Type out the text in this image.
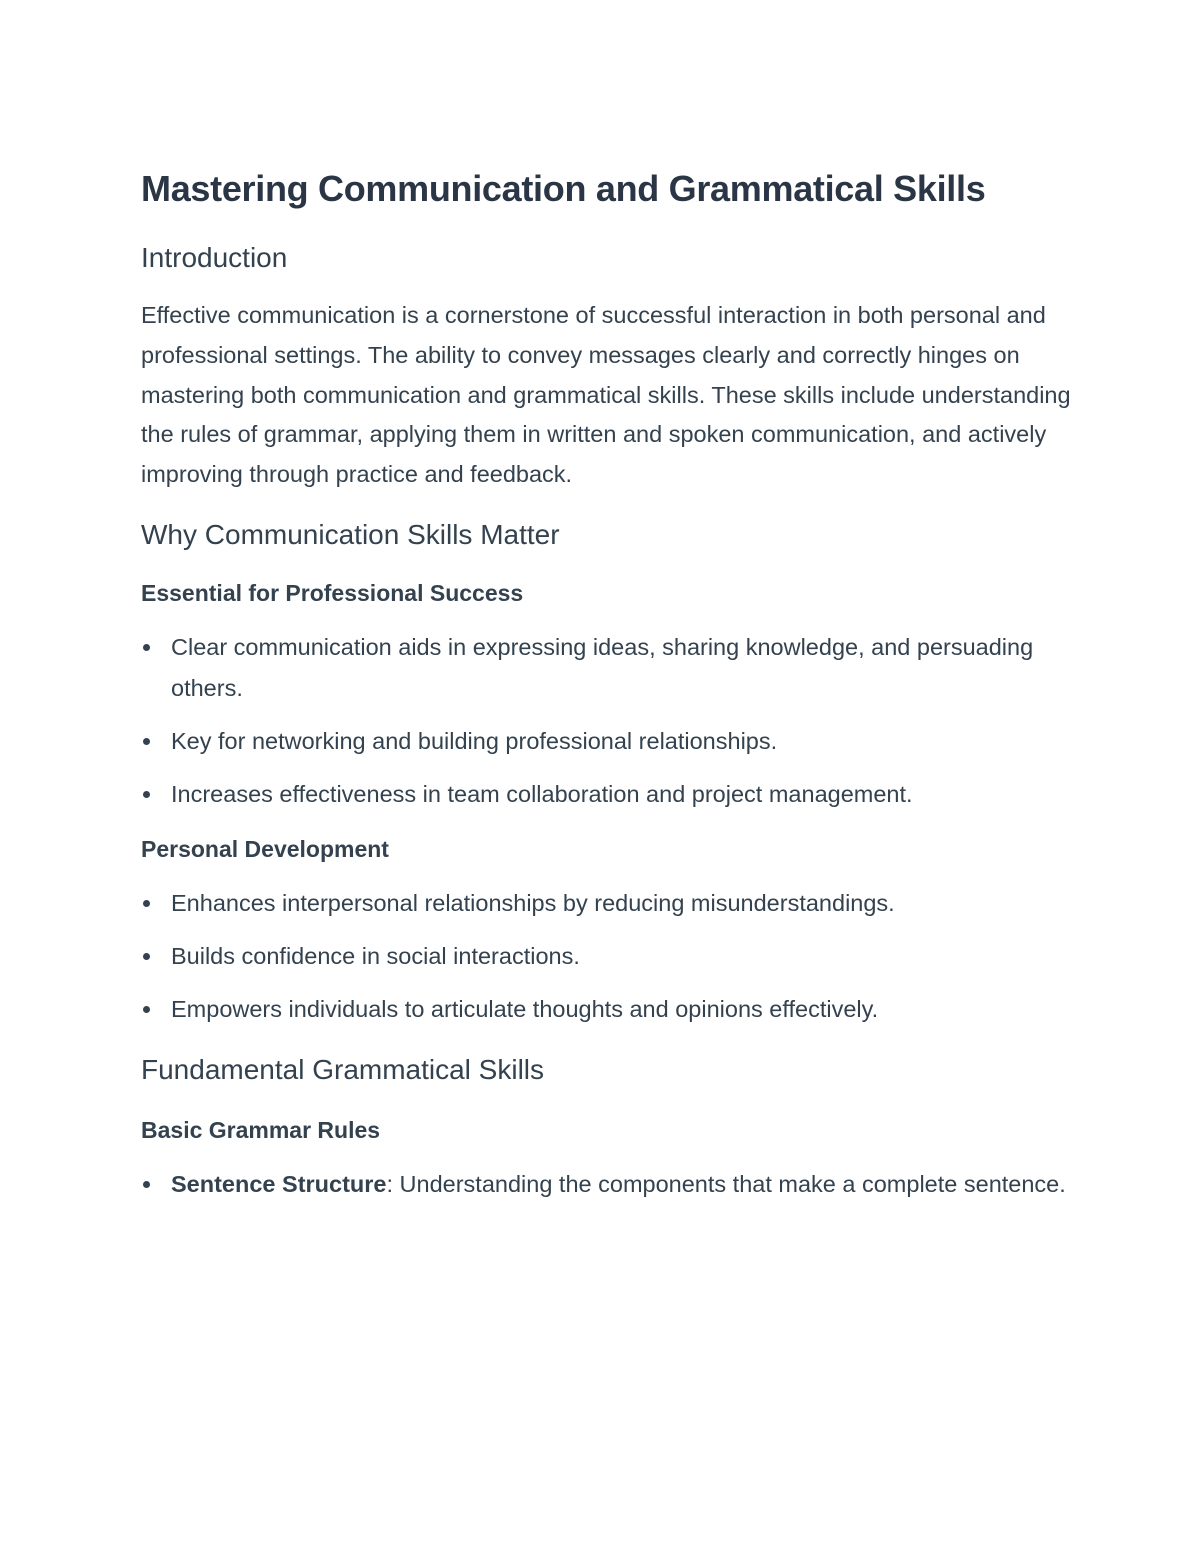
Mastering Communication and Grammatical Skills
Introduction

Effective communication is a cornerstone of successful interaction in both personal and professional settings. The ability to convey messages clearly and correctly hinges on mastering both communication and grammatical skills. These skills include understanding the rules of grammar, applying them in written and spoken communication, and actively improving through practice and feedback.

Why Communication Skills Matter
Essential for Professional Success
Clear communication aids in expressing ideas, sharing knowledge, and persuading others.
Key for networking and building professional relationships.
Increases effectiveness in team collaboration and project management.
Personal Development
Enhances interpersonal relationships by reducing misunderstandings.
Builds confidence in social interactions.
Empowers individuals to articulate thoughts and opinions effectively.
Fundamental Grammatical Skills
Basic Grammar Rules
Sentence Structure: Understanding the components that make a complete sentence.
